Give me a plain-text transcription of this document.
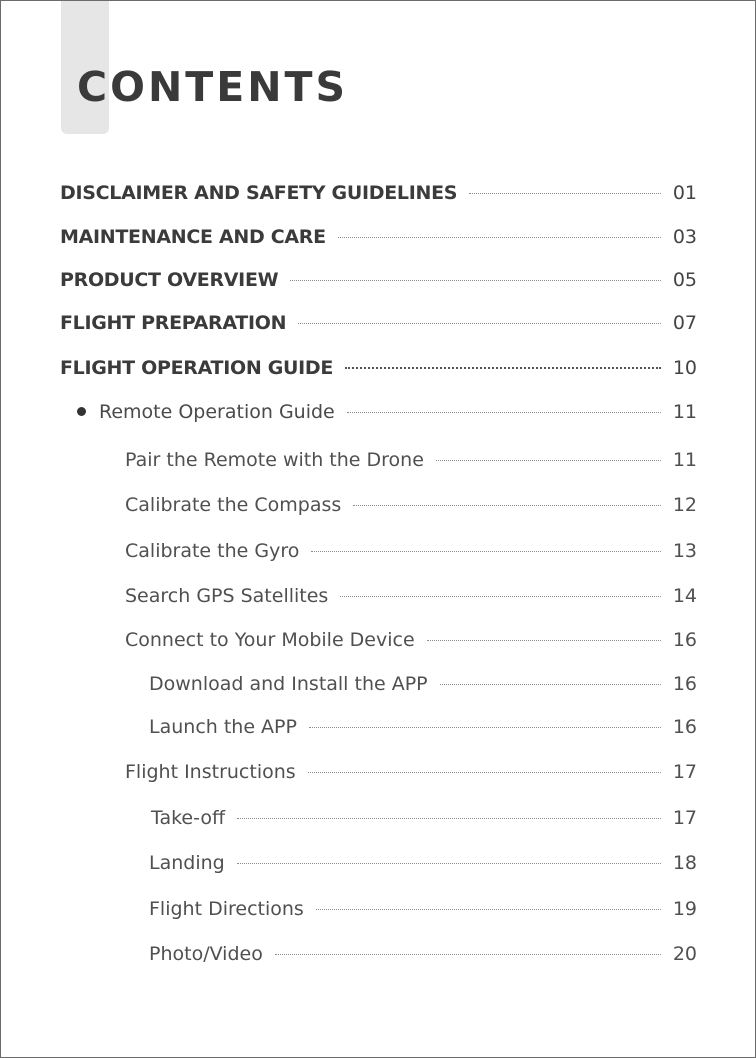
CONTENTS
DISCLAIMER AND SAFETY GUIDELINES	01
MAINTENANCE AND CARE	03
PRODUCT OVERVIEW	05
FLIGHT PREPARATION	07
FLIGHT OPERATION GUIDE	10
Remote Operation Guide	11
Pair the Remote with the Drone	11
Calibrate the Compass	12
Calibrate the Gyro	13
Search GPS Satellites	14
Connect to Your Mobile Device	16
Download and Install the APP	16
Launch the APP	16
Flight Instructions	17
Take-off	17
Landing	18
Flight Directions	19
Photo/Video	20
